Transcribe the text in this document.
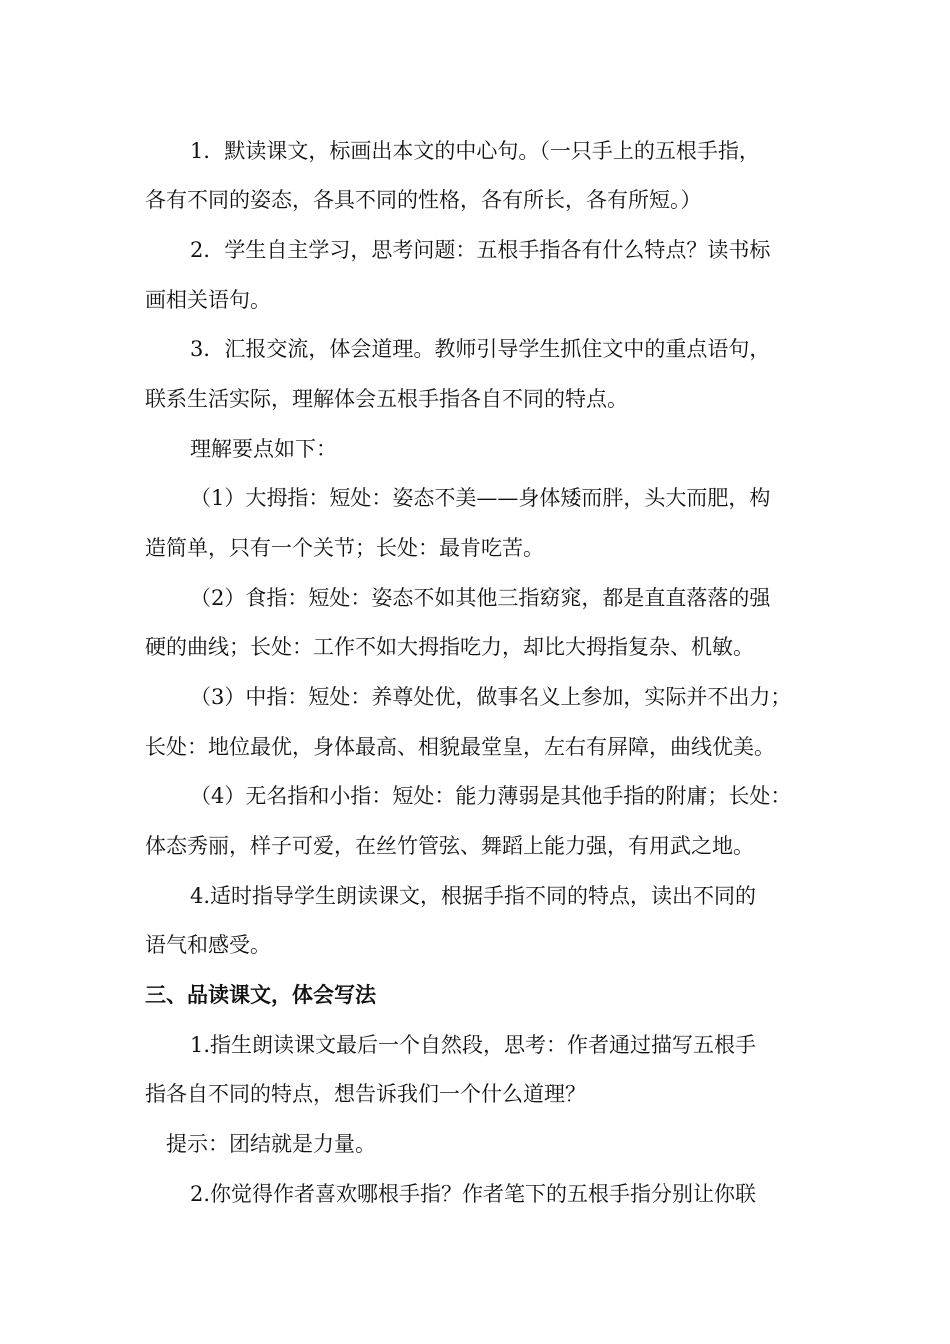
1．默读课文，标画出本文的中心句。（一只手上的五根手指，
各有不同的姿态，各具不同的性格，各有所长，各有所短。）
2．学生自主学习，思考问题：五根手指各有什么特点？读书标
画相关语句。
3．汇报交流，体会道理。教师引导学生抓住文中的重点语句，
联系生活实际，理解体会五根手指各自不同的特点。
理解要点如下：
（1）大拇指：短处：姿态不美——身体矮而胖，头大而肥，构
造简单，只有一个关节；长处：最肯吃苦。
（2）食指：短处：姿态不如其他三指窈窕，都是直直落落的强
硬的曲线；长处：工作不如大拇指吃力，却比大拇指复杂、机敏。
（3）中指：短处：养尊处优，做事名义上参加，实际并不出力；
长处：地位最优，身体最高、相貌最堂皇，左右有屏障，曲线优美。
（4）无名指和小指：短处：能力薄弱是其他手指的附庸；长处：
体态秀丽，样子可爱，在丝竹管弦、舞蹈上能力强，有用武之地。
4.适时指导学生朗读课文，根据手指不同的特点，读出不同的
语气和感受。
三、品读课文，体会写法
1.指生朗读课文最后一个自然段，思考：作者通过描写五根手
指各自不同的特点，想告诉我们一个什么道理？
提示：团结就是力量。
2.你觉得作者喜欢哪根手指？作者笔下的五根手指分别让你联
